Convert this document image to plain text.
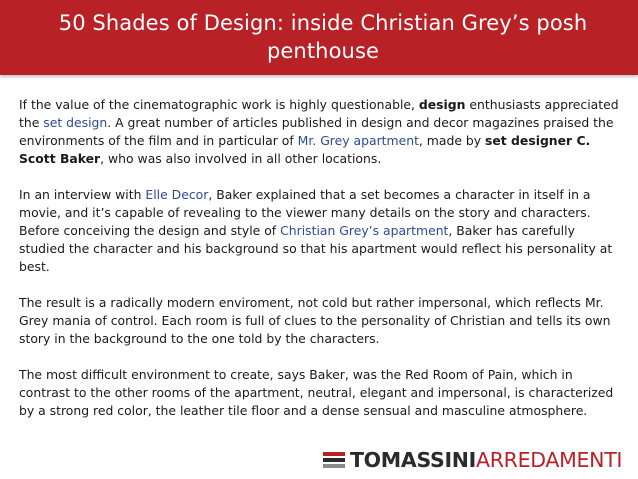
50 Shades of Design: inside Christian Grey’s posh penthouse

If the value of the cinematographic work is highly questionable, design enthusiasts appreciated the set design. A great number of articles published in design and decor magazines praised the environments of the film and in particular of Mr. Grey apartment, made by set designer C. Scott Baker, who was also involved in all other locations.

In an interview with Elle Decor, Baker explained that a set becomes a character in itself in a movie, and it’s capable of revealing to the viewer many details on the story and characters. Before conceiving the design and style of Christian Grey’s apartment, Baker has carefully studied the character and his background so that his apartment would reflect his personality at best.

The result is a radically modern enviroment, not cold but rather impersonal, which reflects Mr. Grey mania of control. Each room is full of clues to the personality of Christian and tells its own story in the background to the one told by the characters.

The most difficult environment to create, says Baker, was the Red Room of Pain, which in contrast to the other rooms of the apartment, neutral, elegant and impersonal, is characterized by a strong red color, the leather tile floor and a dense sensual and masculine atmosphere.

TOMASSINIARREDAMENTI
